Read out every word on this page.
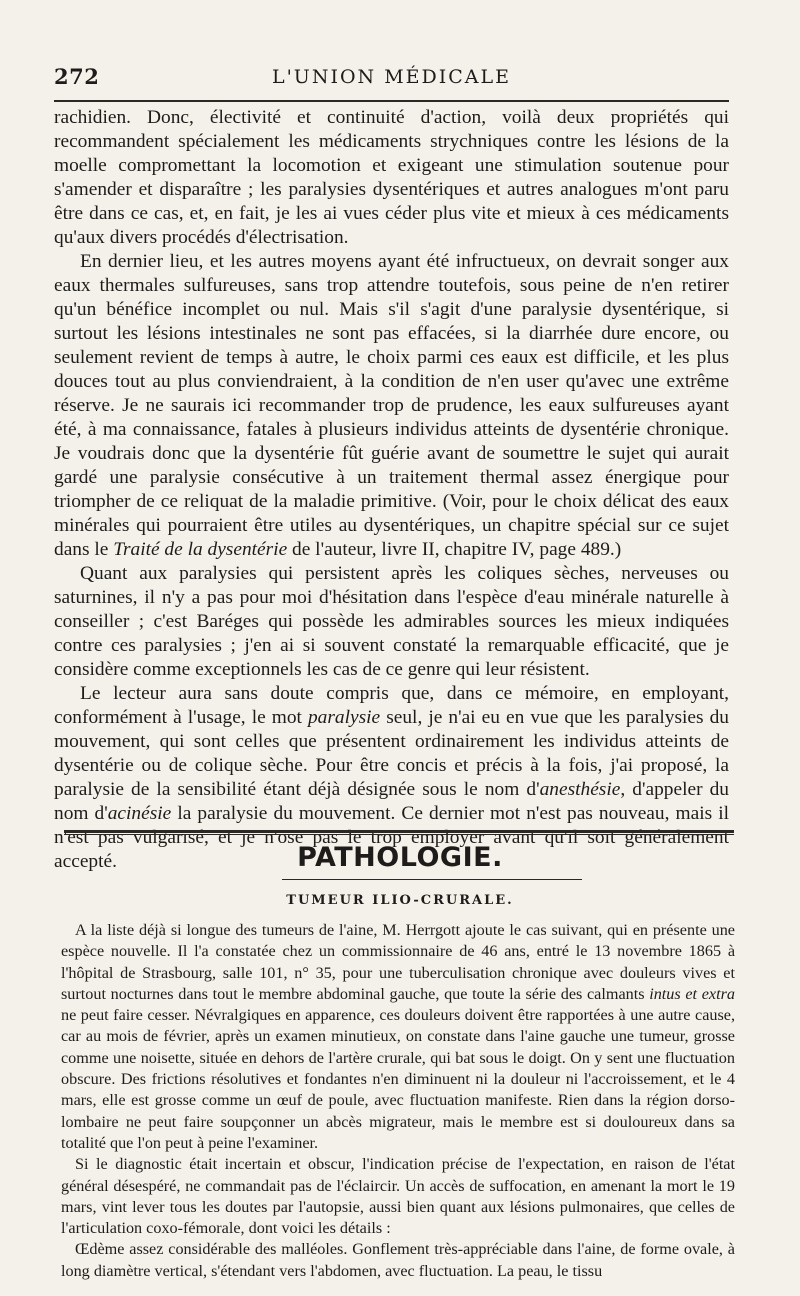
272	L'UNION MÉDICALE

rachidien. Donc, électivité et continuité d'action, voilà deux propriétés qui recommandent spécialement les médicaments strychniques contre les lésions de la moelle compromettant la locomotion et exigeant une stimulation soutenue pour s'amender et disparaître ; les paralysies dysentériques et autres analogues m'ont paru être dans ce cas, et, en fait, je les ai vues céder plus vite et mieux à ces médicaments qu'aux divers procédés d'électrisation.

En dernier lieu, et les autres moyens ayant été infructueux, on devrait songer aux eaux thermales sulfureuses, sans trop attendre toutefois, sous peine de n'en retirer qu'un bénéfice incomplet ou nul. Mais s'il s'agit d'une paralysie dysentérique, si surtout les lésions intestinales ne sont pas effacées, si la diarrhée dure encore, ou seulement revient de temps à autre, le choix parmi ces eaux est difficile, et les plus douces tout au plus conviendraient, à la condition de n'en user qu'avec une extrême réserve. Je ne saurais ici recommander trop de prudence, les eaux sulfureuses ayant été, à ma connaissance, fatales à plusieurs individus atteints de dysentérie chronique. Je voudrais donc que la dysentérie fût guérie avant de soumettre le sujet qui aurait gardé une paralysie consécutive à un traitement thermal assez énergique pour triompher de ce reliquat de la maladie primitive. (Voir, pour le choix délicat des eaux minérales qui pourraient être utiles au dysentériques, un chapitre spécial sur ce sujet dans le Traité de la dysentérie de l'auteur, livre II, chapitre IV, page 489.)

Quant aux paralysies qui persistent après les coliques sèches, nerveuses ou saturnines, il n'y a pas pour moi d'hésitation dans l'espèce d'eau minérale naturelle à conseiller ; c'est Baréges qui possède les admirables sources les mieux indiquées contre ces paralysies ; j'en ai si souvent constaté la remarquable efficacité, que je considère comme exceptionnels les cas de ce genre qui leur résistent.

Le lecteur aura sans doute compris que, dans ce mémoire, en employant, conformément à l'usage, le mot paralysie seul, je n'ai eu en vue que les paralysies du mouvement, qui sont celles que présentent ordinairement les individus atteints de dysentérie ou de colique sèche. Pour être concis et précis à la fois, j'ai proposé, la paralysie de la sensibilité étant déjà désignée sous le nom d'anesthésie, d'appeler du nom d'acinésie la paralysie du mouvement. Ce dernier mot n'est pas nouveau, mais il n'est pas vulgarisé, et je n'ose pas le trop employer avant qu'il soit généralement accepté.	PATHOLOGIE.
TUMEUR ILIO-CRURALE.

A la liste déjà si longue des tumeurs de l'aine, M. Herrgott ajoute le cas suivant, qui en présente une espèce nouvelle. Il l'a constatée chez un commissionnaire de 46 ans, entré le 13 novembre 1865 à l'hôpital de Strasbourg, salle 101, n° 35, pour une tuberculisation chronique avec douleurs vives et surtout nocturnes dans tout le membre abdominal gauche, que toute la série des calmants intus et extra ne peut faire cesser. Névralgiques en apparence, ces douleurs doivent être rapportées à une autre cause, car au mois de février, après un examen minutieux, on constate dans l'aine gauche une tumeur, grosse comme une noisette, située en dehors de l'artère crurale, qui bat sous le doigt. On y sent une fluctuation obscure. Des frictions résolutives et fondantes n'en diminuent ni la douleur ni l'accroissement, et le 4 mars, elle est grosse comme un œuf de poule, avec fluctuation manifeste. Rien dans la région dorso-lombaire ne peut faire soupçonner un abcès migrateur, mais le membre est si douloureux dans sa totalité que l'on peut à peine l'examiner.

Si le diagnostic était incertain et obscur, l'indication précise de l'expectation, en raison de l'état général désespéré, ne commandait pas de l'éclaircir. Un accès de suffocation, en amenant la mort le 19 mars, vint lever tous les doutes par l'autopsie, aussi bien quant aux lésions pulmonaires, que celles de l'articulation coxo-fémorale, dont voici les détails :

Œdème assez considérable des malléoles. Gonflement très-appréciable dans l'aine, de forme ovale, à long diamètre vertical, s'étendant vers l'abdomen, avec fluctuation. La peau, le tissu
